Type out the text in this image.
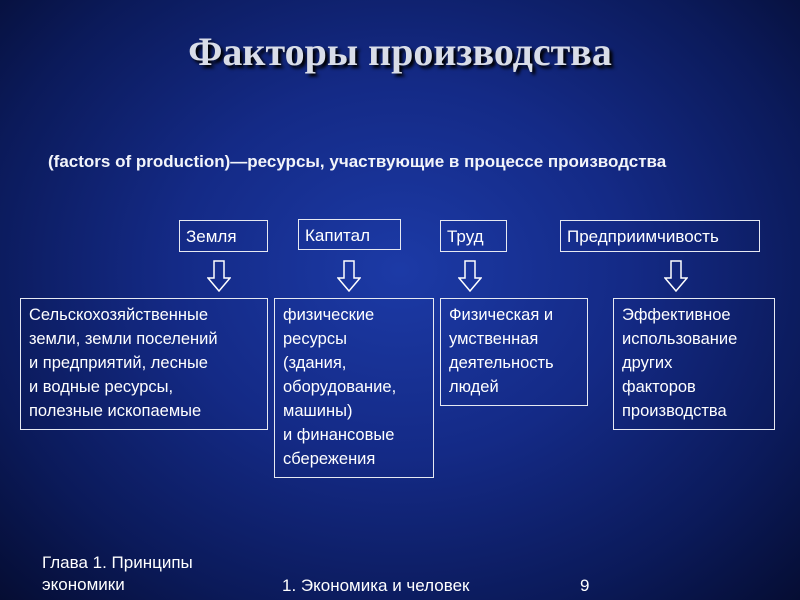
Факторы производства
(factors of production)—ресурсы, участвующие в процессе производства
Земля	Капитал	Труд	Предприимчивость
Сельскохозяйственные
земли, земли поселений
и предприятий, лесные
и водные ресурсы,
полезные ископаемые
физические
ресурсы
(здания,
оборудование,
машины)
и финансовые
сбережения
Физическая и
умственная
деятельность
людей
Эффективное
использование
других
факторов
производства
Глава 1. Принципы
экономики	1. Экономика и человек	9
